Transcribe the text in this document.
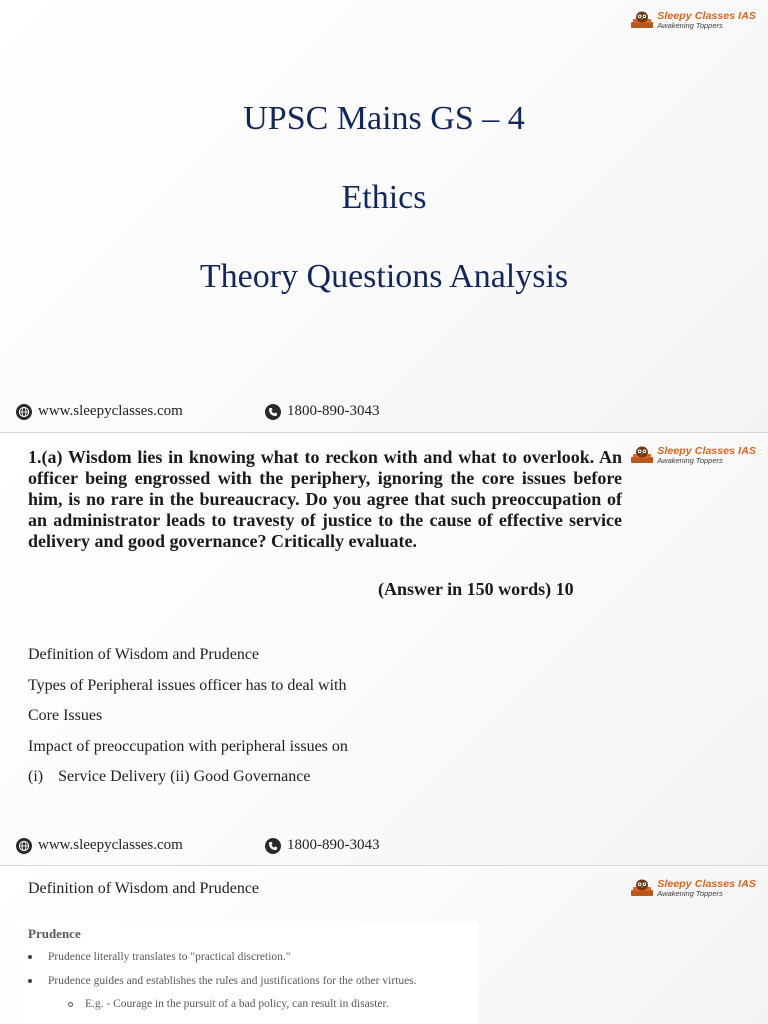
Sleepy Classes IAS
Awakening Toppers
UPSC Mains GS – 4
Ethics
Theory Questions Analysis
www.sleepyclasses.com	1800-890-3043
Sleepy Classes IAS
Awakening Toppers
1.(a) Wisdom lies in knowing what to reckon with and what to overlook. An officer being engrossed with the periphery, ignoring the core issues before him, is no rare in the bureaucracy. Do you agree that such preoccupation of an administrator leads to travesty of justice to the cause of effective service delivery and good governance? Critically evaluate.
(Answer in 150 words) 10
Definition of Wisdom and Prudence
Types of Peripheral issues officer has to deal with
Core Issues
Impact of preoccupation with peripheral issues on
(i) Service Delivery (ii) Good Governance
www.sleepyclasses.com	1800-890-3043
Sleepy Classes IAS
Awakening Toppers
Definition of Wisdom and Prudence
Prudence
Prudence literally translates to "practical discretion."
Prudence guides and establishes the rules and justifications for the other virtues.
E.g. - Courage in the pursuit of a bad policy, can result in disaster.
